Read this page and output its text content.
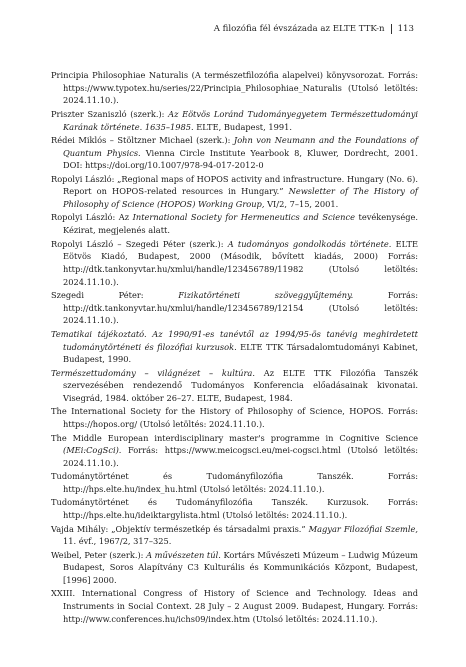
A filozófia fél évszázada az ELTE TTK-n 113

Principia Philosophiae Naturalis (A természetfilozófia alapelvei) könyvsorozat. Forrás: https://www.typotex.hu/series/22/Principia_Philosophiae_Naturalis (Utolsó letöltés: 2024.11.10.).

Priszter Szaniszló (szerk.): Az Eötvös Loránd Tudományegyetem Természettudományi Karának története. 1635–1985. ELTE, Budapest, 1991.

Rédei Miklós – Stöltzner Michael (szerk.): John von Neumann and the Foundations of Quantum Physics. Vienna Circle Institute Yearbook 8, Kluwer, Dordrecht, 2001. DOI: https://doi.org/10.1007/978-94-017-2012-0

Ropolyi László: „Regional maps of HOPOS activity and infrastructure. Hungary (No. 6). Report on HOPOS-related resources in Hungary.” Newsletter of The History of Philosophy of Science (HOPOS) Working Group, VI/2, 7–15, 2001.

Ropolyi László: Az International Society for Hermeneutics and Science tevékenysége. Kézirat, megjelenés alatt.

Ropolyi László – Szegedi Péter (szerk.): A tudományos gondolkodás története. ELTE Eötvös Kiadó, Budapest, 2000 (Második, bővített kiadás, 2000) Forrás: http://dtk.tankonyvtar.hu/xmlui/handle/123456789/11982 (Utolsó letöltés: 2024.11.10.).

Szegedi Péter: Fizikatörténeti szöveggyűjtemény. Forrás: http://dtk.tankonyvtar.hu/xmlui/handle/123456789/12154 (Utolsó letöltés: 2024.11.10.).

Tematikai tájékoztató. Az 1990/91-es tanévtől az 1994/95-ös tanévig meghirdetett tudománytörténeti és filozófiai kurzusok. ELTE TTK Társadalomtudományi Kabinet, Budapest, 1990.

Természettudomány – világnézet – kultúra. Az ELTE TTK Filozófia Tanszék szervezésében rendezendő Tudományos Konferencia előadásainak kivonatai. Visegrád, 1984. október 26–27. ELTE, Budapest, 1984.

The International Society for the History of Philosophy of Science, HOPOS. Forrás: https://hopos.org/ (Utolsó letöltés: 2024.11.10.).

The Middle European interdisciplinary master's programme in Cognitive Science (MEi:CogSci). Forrás: https://www.meicogsci.eu/mei-cogsci.html (Utolsó letöltés: 2024.11.10.).

Tudománytörténet és Tudományfilozófia Tanszék. Forrás: http://hps.elte.hu/index_hu.html (Utolsó letöltés: 2024.11.10.).

Tudománytörténet és Tudományfilozófia Tanszék. Kurzusok. Forrás: http://hps.elte.hu/ideiktargylista.html (Utolsó letöltés: 2024.11.10.).

Vajda Mihály: „Objektív természetkép és társadalmi praxis.” Magyar Filozófiai Szemle, 11. évf., 1967/2, 317–325.

Weibel, Peter (szerk.): A művészeten túl. Kortárs Művészeti Múzeum – Ludwig Múzeum Budapest, Soros Alapítvány C3 Kulturális és Kommunikációs Központ, Budapest, [1996] 2000.

XXIII. International Congress of History of Science and Technology. Ideas and Instruments in Social Context. 28 July – 2 August 2009. Budapest, Hungary. Forrás: http://www.conferences.hu/ichs09/index.htm (Utolsó letöltés: 2024.11.10.).
